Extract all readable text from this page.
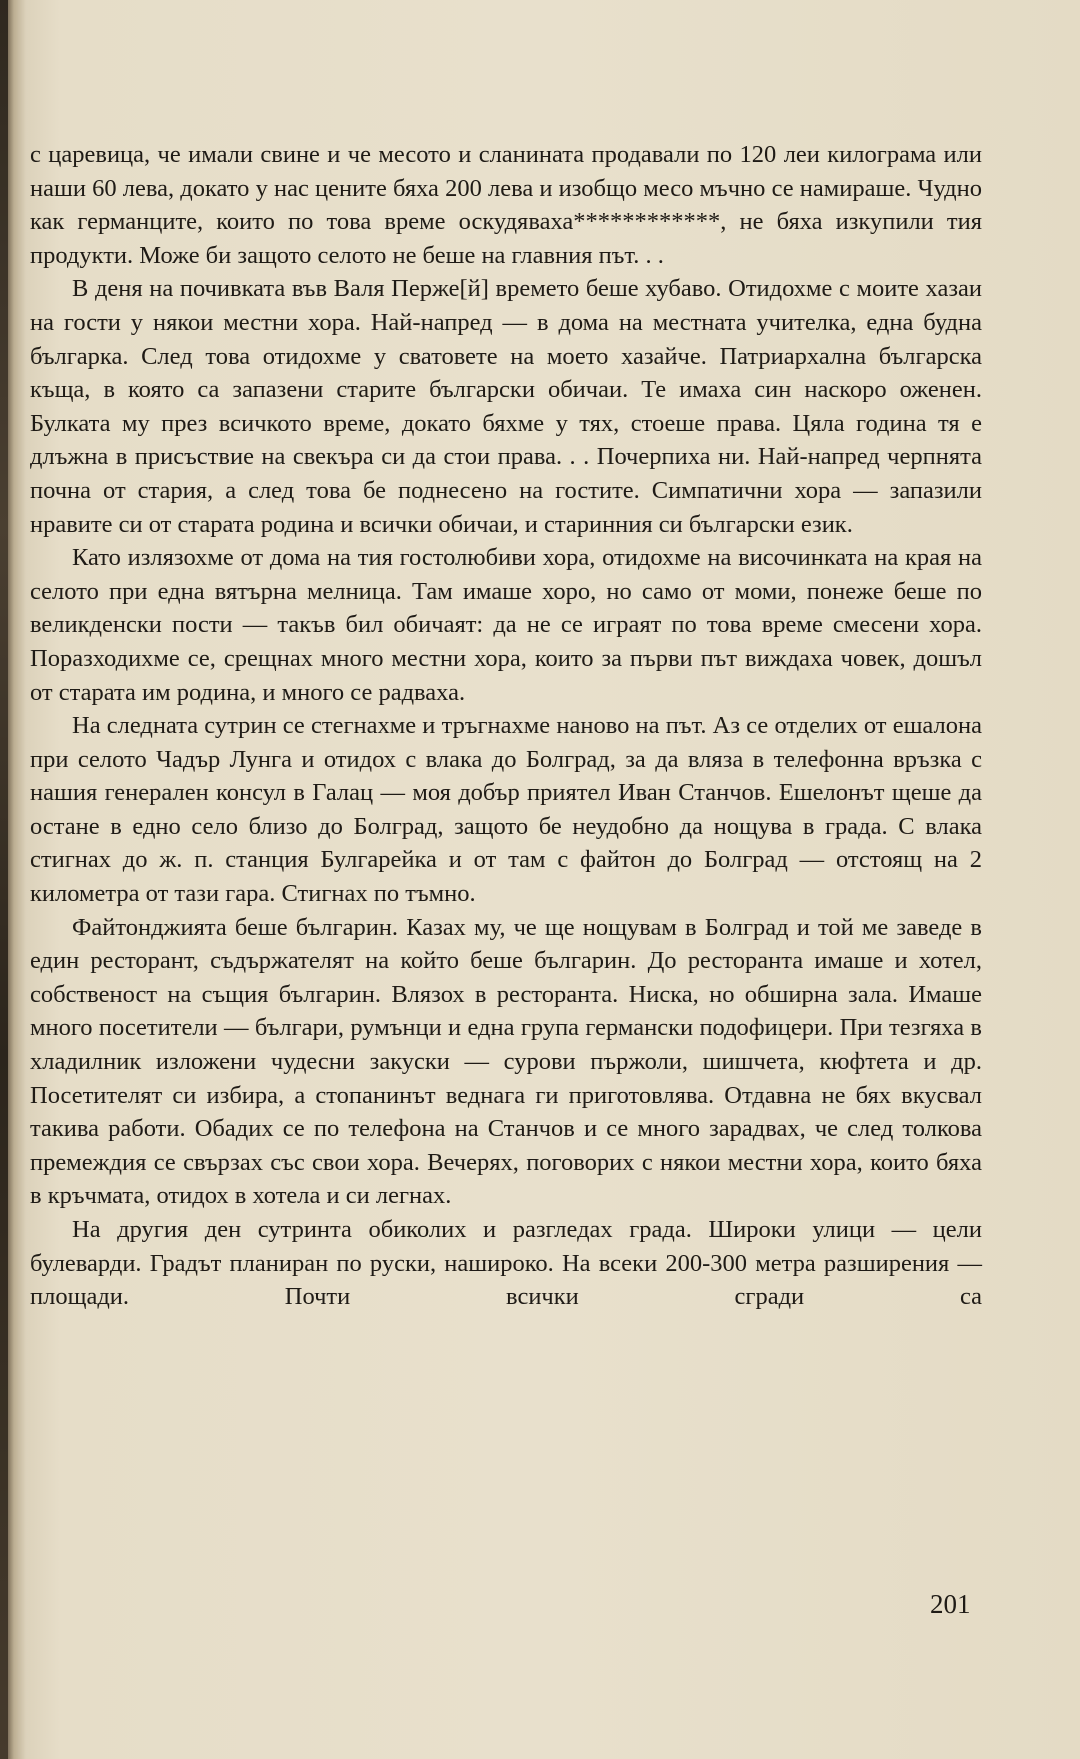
с царевица, че имали свине и че месото и сланината продавали по 120 леи килограма или наши 60 лева, докато у нас цените бяха 200 лева и изобщо месо мъчно се намираше. Чудно как германците, които по това време оскудяваха************, не бяха изкупили тия продукти. Може би защото селото не беше на главния път. . .

В деня на почивката във Валя Перже[й] времето беше хубаво. Отидохме с моите хазаи на гости у някои местни хора. Най-напред — в дома на местната учителка, една будна българка. След това отидохме у сватовете на моето хазайче. Патриархална българска къща, в която са запазени старите български обичаи. Те имаха син наскоро оженен. Булката му през всичкото време, докато бяхме у тях, стоеше права. Цяла година тя е длъжна в присъствие на свекъра си да стои права. . . Почерпиха ни. Най-напред черпнята почна от стария, а след това бе поднесено на гостите. Симпатични хора — запазили нравите си от старата родина и всички обичаи, и старинния си български език.

Като излязохме от дома на тия гостолюбиви хора, отидохме на височинката на края на селото при една вятърна мелница. Там имаше хоро, но само от моми, понеже беше по великденски пости — такъв бил обичаят: да не се играят по това време смесени хора. Поразходихме се, срещнах много местни хора, които за първи път виждаха човек, дошъл от старата им родина, и много се радваха.

На следната сутрин се стегнахме и тръгнахме наново на път. Аз се отделих от ешалона при селото Чадър Лунга и отидох с влака до Болград, за да вляза в телефонна връзка с нашия генерален консул в Галац — моя добър приятел Иван Станчов. Ешелонът щеше да остане в едно село близо до Болград, защото бе неудобно да нощува в града. С влака стигнах до ж. п. станция Булгарейка и от там с файтон до Болград — отстоящ на 2 километра от тази гара. Стигнах по тъмно.

Файтонджията беше българин. Казах му, че ще нощувам в Болград и той ме заведе в един ресторант, съдържателят на който беше българин. До ресторанта имаше и хотел, собственост на същия българин. Влязох в ресторанта. Ниска, но обширна зала. Имаше много посетители — българи, румънци и една група германски подофицери. При тезгяха в хладилник изложени чудесни закуски — сурови пържоли, шишчета, кюфтета и др. Посетителят си избира, а стопанинът веднага ги приготовлява. Отдавна не бях вкусвал такива работи. Обадих се по телефона на Станчов и се много зарадвах, че след толкова премеждия се свързах със свои хора. Вечерях, поговорих с някои местни хора, които бяха в кръчмата, отидох в хотела и си легнах.

На другия ден сутринта обиколих и разгледах града. Широки улици — цели булеварди. Градът планиран по руски, нашироко. На всеки 200-300 метра разширения — площади. Почти всички сгради са

201
